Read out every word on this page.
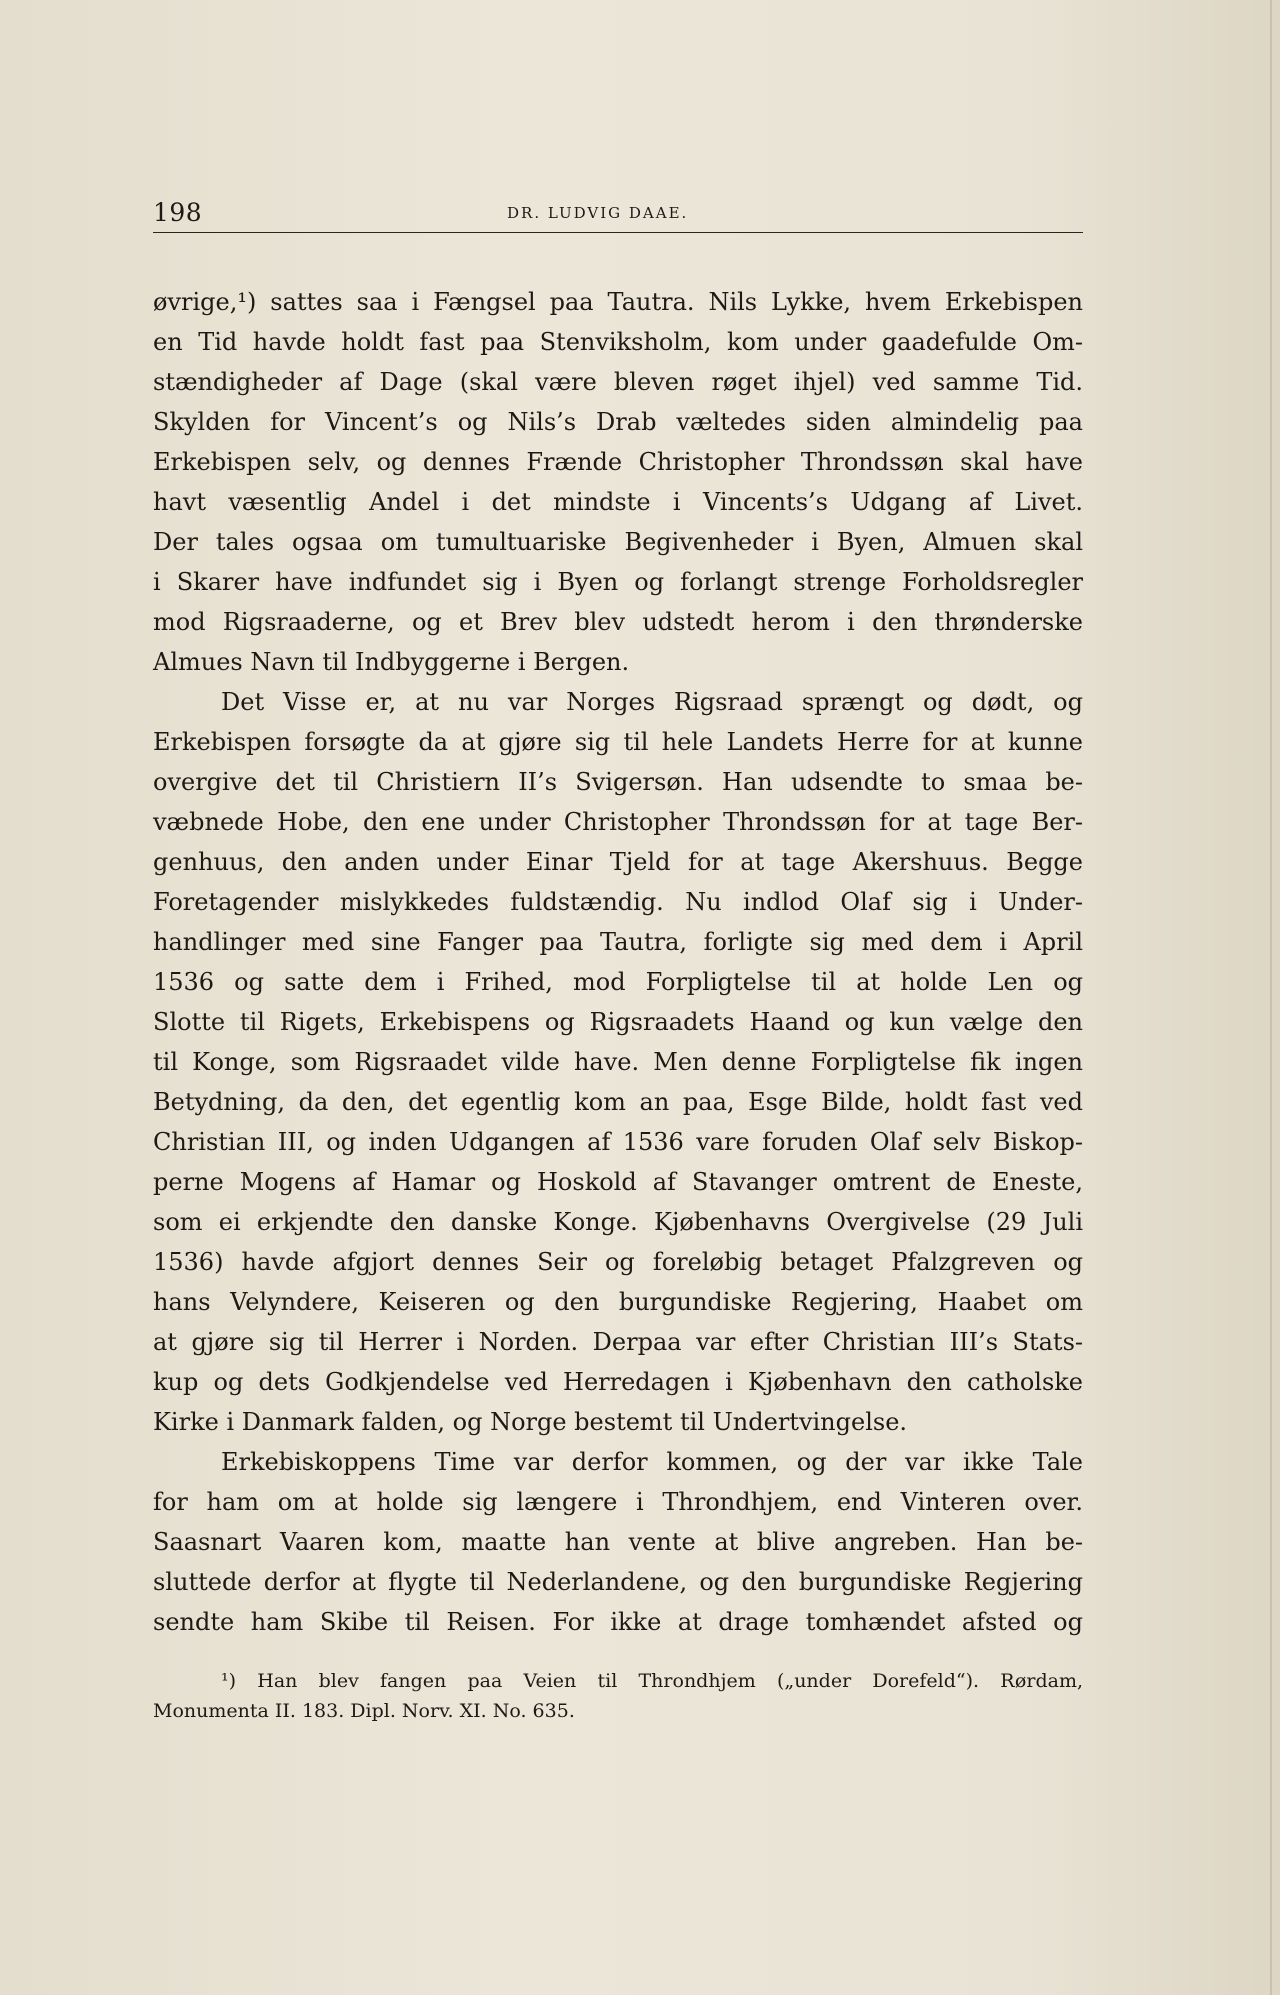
198	DR. LUDVIG DAAE.
øvrige,¹) sattes saa i Fængsel paa Tautra. Nils Lykke, hvem Erkebispen
en Tid havde holdt fast paa Stenviksholm, kom under gaadefulde Om-
stændigheder af Dage (skal være bleven røget ihjel) ved samme Tid.
Skylden for Vincent’s og Nils’s Drab væltedes siden almindelig paa
Erkebispen selv, og dennes Frænde Christopher Throndssøn skal have
havt væsentlig Andel i det mindste i Vincents’s Udgang af Livet.
Der tales ogsaa om tumultuariske Begivenheder i Byen, Almuen skal
i Skarer have indfundet sig i Byen og forlangt strenge Forholdsregler
mod Rigsraaderne, og et Brev blev udstedt herom i den thrønderske
Almues Navn til Indbyggerne i Bergen.
Det Visse er, at nu var Norges Rigsraad sprængt og dødt, og
Erkebispen forsøgte da at gjøre sig til hele Landets Herre for at kunne
overgive det til Christiern II’s Svigersøn. Han udsendte to smaa be-
væbnede Hobe, den ene under Christopher Throndssøn for at tage Ber-
genhuus, den anden under Einar Tjeld for at tage Akershuus. Begge
Foretagender mislykkedes fuldstændig. Nu indlod Olaf sig i Under-
handlinger med sine Fanger paa Tautra, forligte sig med dem i April
1536 og satte dem i Frihed, mod Forpligtelse til at holde Len og
Slotte til Rigets, Erkebispens og Rigsraadets Haand og kun vælge den
til Konge, som Rigsraadet vilde have. Men denne Forpligtelse fik ingen
Betydning, da den, det egentlig kom an paa, Esge Bilde, holdt fast ved
Christian III, og inden Udgangen af 1536 vare foruden Olaf selv Biskop-
perne Mogens af Hamar og Hoskold af Stavanger omtrent de Eneste,
som ei erkjendte den danske Konge. Kjøbenhavns Overgivelse (29 Juli
1536) havde afgjort dennes Seir og foreløbig betaget Pfalzgreven og
hans Velyndere, Keiseren og den burgundiske Regjering, Haabet om
at gjøre sig til Herrer i Norden. Derpaa var efter Christian III’s Stats-
kup og dets Godkjendelse ved Herredagen i Kjøbenhavn den catholske
Kirke i Danmark falden, og Norge bestemt til Undertvingelse.
Erkebiskoppens Time var derfor kommen, og der var ikke Tale
for ham om at holde sig længere i Throndhjem, end Vinteren over.
Saasnart Vaaren kom, maatte han vente at blive angreben. Han be-
sluttede derfor at flygte til Nederlandene, og den burgundiske Regjering
sendte ham Skibe til Reisen. For ikke at drage tomhændet afsted og
¹) Han blev fangen paa Veien til Throndhjem („under Dorefeld“). Rørdam,
Monumenta II. 183. Dipl. Norv. XI. No. 635.
